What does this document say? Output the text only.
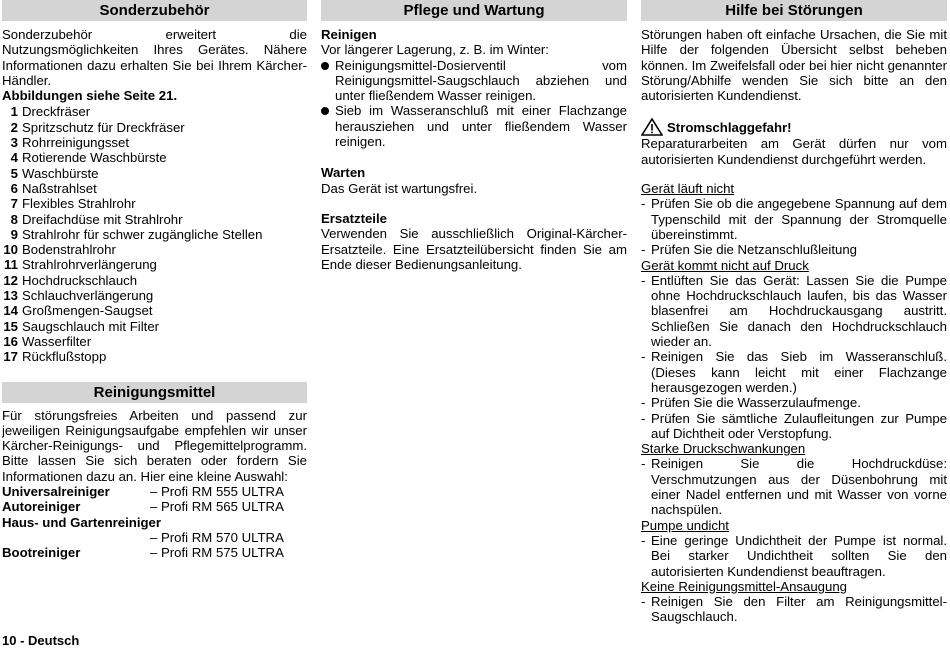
Sonderzubehör

Sonderzubehör erweitert die Nutzungsmöglichkeiten Ihres Gerätes. Nähere Informationen dazu erhalten Sie bei Ihrem Kärcher-Händler.

Abbildungen siehe Seite 21.

1 Dreckfräser
2 Spritzschutz für Dreckfräser
3 Rohrreinigungsset
4 Rotierende Waschbürste
5 Waschbürste
6 Naßstrahlset
7 Flexibles Strahlrohr
8 Dreifachdüse mit Strahlrohr
9 Strahlrohr für schwer zugängliche Stellen
10 Bodenstrahlrohr
11 Strahlrohrverlängerung
12 Hochdruckschlauch
13 Schlauchverlängerung
14 Großmengen-Saugset
15 Saugschlauch mit Filter
16 Wasserfilter
17 Rückflußstopp
Reinigungsmittel

Für störungsfreies Arbeiten und passend zur jeweiligen Reinigungsaufgabe empfehlen wir unser Kärcher-Reinigungs- und Pflegemittelprogramm. Bitte lassen Sie sich beraten oder fordern Sie Informationen dazu an. Hier eine kleine Auswahl:

Universalreiniger	– Profi RM 555 ULTRA
Autoreiniger	– Profi RM 565 ULTRA
Haus- und Gartenreiniger
– Profi RM 570 ULTRA
Bootreiniger	– Profi RM 575 ULTRA
Pflege und Wartung

Reinigen

Vor längerer Lagerung, z. B. im Winter:

Reinigungsmittel-Dosierventil vom Reinigungsmittel-Saugschlauch abziehen und unter fließendem Wasser reinigen.
Sieb im Wasseranschluß mit einer Flachzange herausziehen und unter fließendem Wasser reinigen.

Warten

Das Gerät ist wartungsfrei.

Ersatzteile

Verwenden Sie ausschließlich Original-Kärcher-Ersatzteile. Eine Ersatzteilübersicht finden Sie am Ende dieser Bedienungsanleitung.

Hilfe bei Störungen

Störungen haben oft einfache Ursachen, die Sie mit Hilfe der folgenden Übersicht selbst beheben können. Im Zweifelsfall oder bei hier nicht genannter Störung/Abhilfe wenden Sie sich bitte an den autorisierten Kundendienst.

Stromschlaggefahr!

Reparaturarbeiten am Gerät dürfen nur vom autorisierten Kundendienst durchgeführt werden.

Gerät läuft nicht

- Prüfen Sie ob die angegebene Spannung auf dem Typenschild mit der Spannung der Stromquelle übereinstimmt.
- Prüfen Sie die Netzanschlußleitung

Gerät kommt nicht auf Druck

- Entlüften Sie das Gerät: Lassen Sie die Pumpe ohne Hochdruckschlauch laufen, bis das Wasser blasenfrei am Hochdruckausgang austritt. Schließen Sie danach den Hochdruckschlauch wieder an.
- Reinigen Sie das Sieb im Wasseranschluß. (Dieses kann leicht mit einer Flachzange herausgezogen werden.)
- Prüfen Sie die Wasserzulaufmenge.
- Prüfen Sie sämtliche Zulaufleitungen zur Pumpe auf Dichtheit oder Verstopfung.

Starke Druckschwankungen

- Reinigen Sie die Hochdruckdüse: Verschmutzungen aus der Düsenbohrung mit einer Nadel entfernen und mit Wasser von vorne nachspülen.

Pumpe undicht

- Eine geringe Undichtheit der Pumpe ist normal. Bei starker Undichtheit sollten Sie den autorisierten Kundendienst beauftragen.

Keine Reinigungsmittel-Ansaugung

- Reinigen Sie den Filter am Reinigungsmittel-Saugschlauch.
10 - Deutsch
